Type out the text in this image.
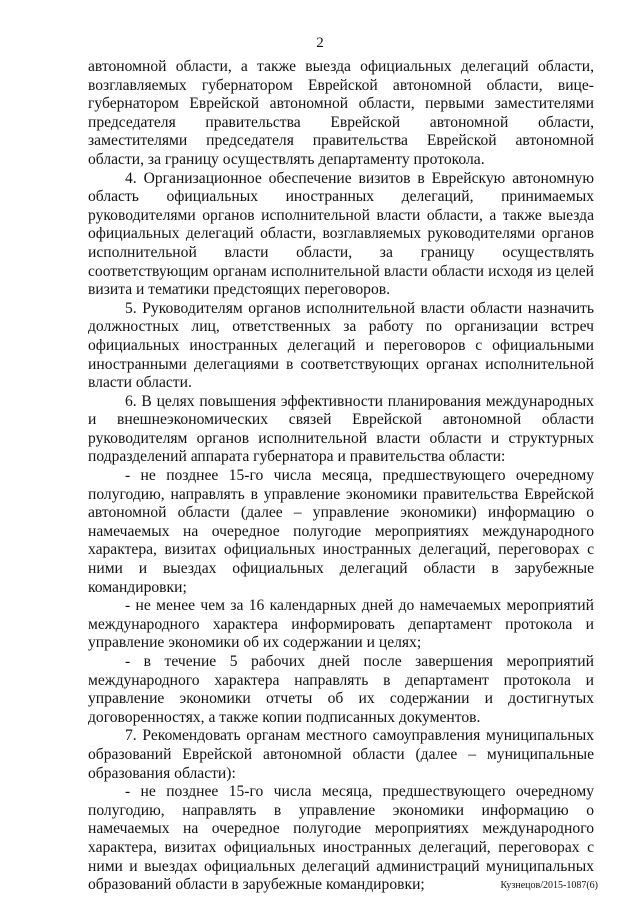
2

автономной области, а также выезда официальных делегаций области, возглавляемых губернатором Еврейской автономной области, вице-губернатором Еврейской автономной области, первыми заместителями председателя правительства Еврейской автономной области, заместителями председателя правительства Еврейской автономной области, за границу осуществлять департаменту протокола.

4. Организационное обеспечение визитов в Еврейскую автономную область официальных иностранных делегаций, принимаемых руководителями органов исполнительной власти области, а также выезда официальных делегаций области, возглавляемых руководителями органов исполнительной власти области, за границу осуществлять соответствующим органам исполнительной власти области исходя из целей визита и тематики предстоящих переговоров.

5. Руководителям органов исполнительной власти области назначить должностных лиц, ответственных за работу по организации встреч официальных иностранных делегаций и переговоров с официальными иностранными делегациями в соответствующих органах исполнительной власти области.

6. В целях повышения эффективности планирования международных и внешнеэкономических связей Еврейской автономной области руководителям органов исполнительной власти области и структурных подразделений аппарата губернатора и правительства области:

- не позднее 15-го числа месяца, предшествующего очередному полугодию, направлять в управление экономики правительства Еврейской автономной области (далее – управление экономики) информацию о намечаемых на очередное полугодие мероприятиях международного характера, визитах официальных иностранных делегаций, переговорах с ними и выездах официальных делегаций области в зарубежные командировки;

- не менее чем за 16 календарных дней до намечаемых мероприятий международного характера информировать департамент протокола и управление экономики об их содержании и целях;

- в течение 5 рабочих дней после завершения мероприятий международного характера направлять в департамент протокола и управление экономики отчеты об их содержании и достигнутых договоренностях, а также копии подписанных документов.

7. Рекомендовать органам местного самоуправления муниципальных образований Еврейской автономной области (далее – муниципальные образования области):

- не позднее 15-го числа месяца, предшествующего очередному полугодию, направлять в управление экономики информацию о намечаемых на очередное полугодие мероприятиях международного характера, визитах официальных иностранных делегаций, переговорах с ними и выездах официальных делегаций администраций муниципальных образований области в зарубежные командировки;	Кузнецов/2015-1087(6)
